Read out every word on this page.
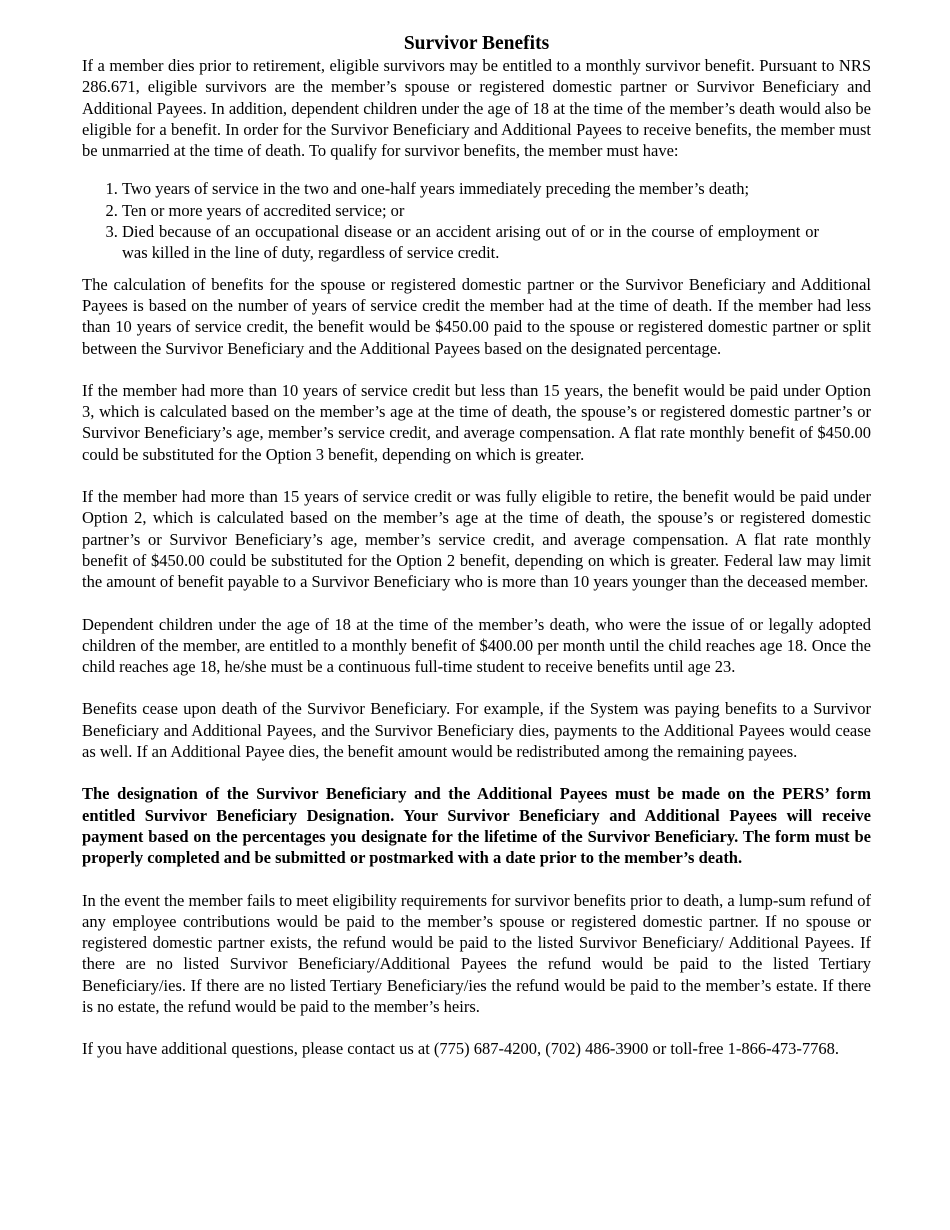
Survivor Benefits

If a member dies prior to retirement, eligible survivors may be entitled to a monthly survivor benefit. Pursuant to NRS 286.671, eligible survivors are the member’s spouse or registered domestic partner or Survivor Beneficiary and Additional Payees. In addition, dependent children under the age of 18 at the time of the member’s death would also be eligible for a benefit. In order for the Survivor Beneficiary and Additional Payees to receive benefits, the member must be unmarried at the time of death. To qualify for survivor benefits, the member must have:

1. Two years of service in the two and one-half years immediately preceding the member’s death;
2. Ten or more years of accredited service; or
3. Died because of an occupational disease or an accident arising out of or in the course of employment or was killed in the line of duty, regardless of service credit.

The calculation of benefits for the spouse or registered domestic partner or the Survivor Beneficiary and Additional Payees is based on the number of years of service credit the member had at the time of death. If the member had less than 10 years of service credit, the benefit would be $450.00 paid to the spouse or registered domestic partner or split between the Survivor Beneficiary and the Additional Payees based on the designated percentage.

If the member had more than 10 years of service credit but less than 15 years, the benefit would be paid under Option 3, which is calculated based on the member’s age at the time of death, the spouse’s or registered domestic partner’s or Survivor Beneficiary’s age, member’s service credit, and average compensation. A flat rate monthly benefit of $450.00 could be substituted for the Option 3 benefit, depending on which is greater.

If the member had more than 15 years of service credit or was fully eligible to retire, the benefit would be paid under Option 2, which is calculated based on the member’s age at the time of death, the spouse’s or registered domestic partner’s or Survivor Beneficiary’s age, member’s service credit, and average compensation. A flat rate monthly benefit of $450.00 could be substituted for the Option 2 benefit, depending on which is greater. Federal law may limit the amount of benefit payable to a Survivor Beneficiary who is more than 10 years younger than the deceased member.

Dependent children under the age of 18 at the time of the member’s death, who were the issue of or legally adopted children of the member, are entitled to a monthly benefit of $400.00 per month until the child reaches age 18. Once the child reaches age 18, he/she must be a continuous full-time student to receive benefits until age 23.

Benefits cease upon death of the Survivor Beneficiary. For example, if the System was paying benefits to a Survivor Beneficiary and Additional Payees, and the Survivor Beneficiary dies, payments to the Additional Payees would cease as well. If an Additional Payee dies, the benefit amount would be redistributed among the remaining payees.

The designation of the Survivor Beneficiary and the Additional Payees must be made on the PERS’ form entitled Survivor Beneficiary Designation. Your Survivor Beneficiary and Additional Payees will receive payment based on the percentages you designate for the lifetime of the Survivor Beneficiary. The form must be properly completed and be submitted or postmarked with a date prior to the member’s death.

In the event the member fails to meet eligibility requirements for survivor benefits prior to death, a lump-sum refund of any employee contributions would be paid to the member’s spouse or registered domestic partner. If no spouse or registered domestic partner exists, the refund would be paid to the listed Survivor Beneficiary/ Additional Payees. If there are no listed Survivor Beneficiary/Additional Payees the refund would be paid to the listed Tertiary Beneficiary/ies. If there are no listed Tertiary Beneficiary/ies the refund would be paid to the member’s estate. If there is no estate, the refund would be paid to the member’s heirs.

If you have additional questions, please contact us at (775) 687-4200, (702) 486-3900 or toll-free 1-866-473-7768.
